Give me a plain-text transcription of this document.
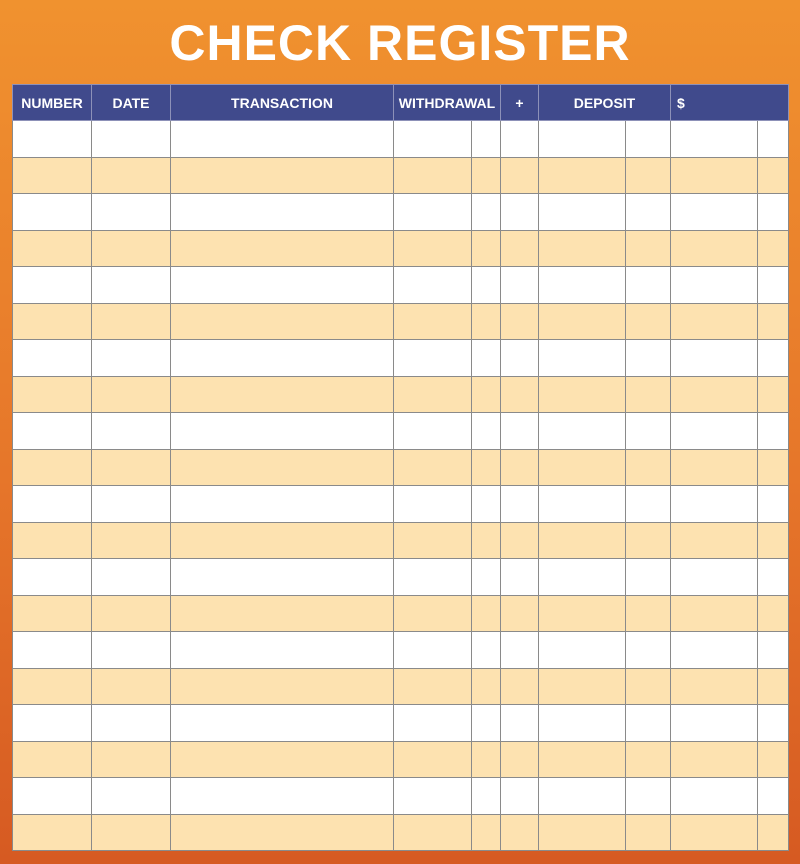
CHECK REGISTER
NUMBER	DATE	TRANSACTION	WITHDRAWAL		+	DEPOSIT		$	
